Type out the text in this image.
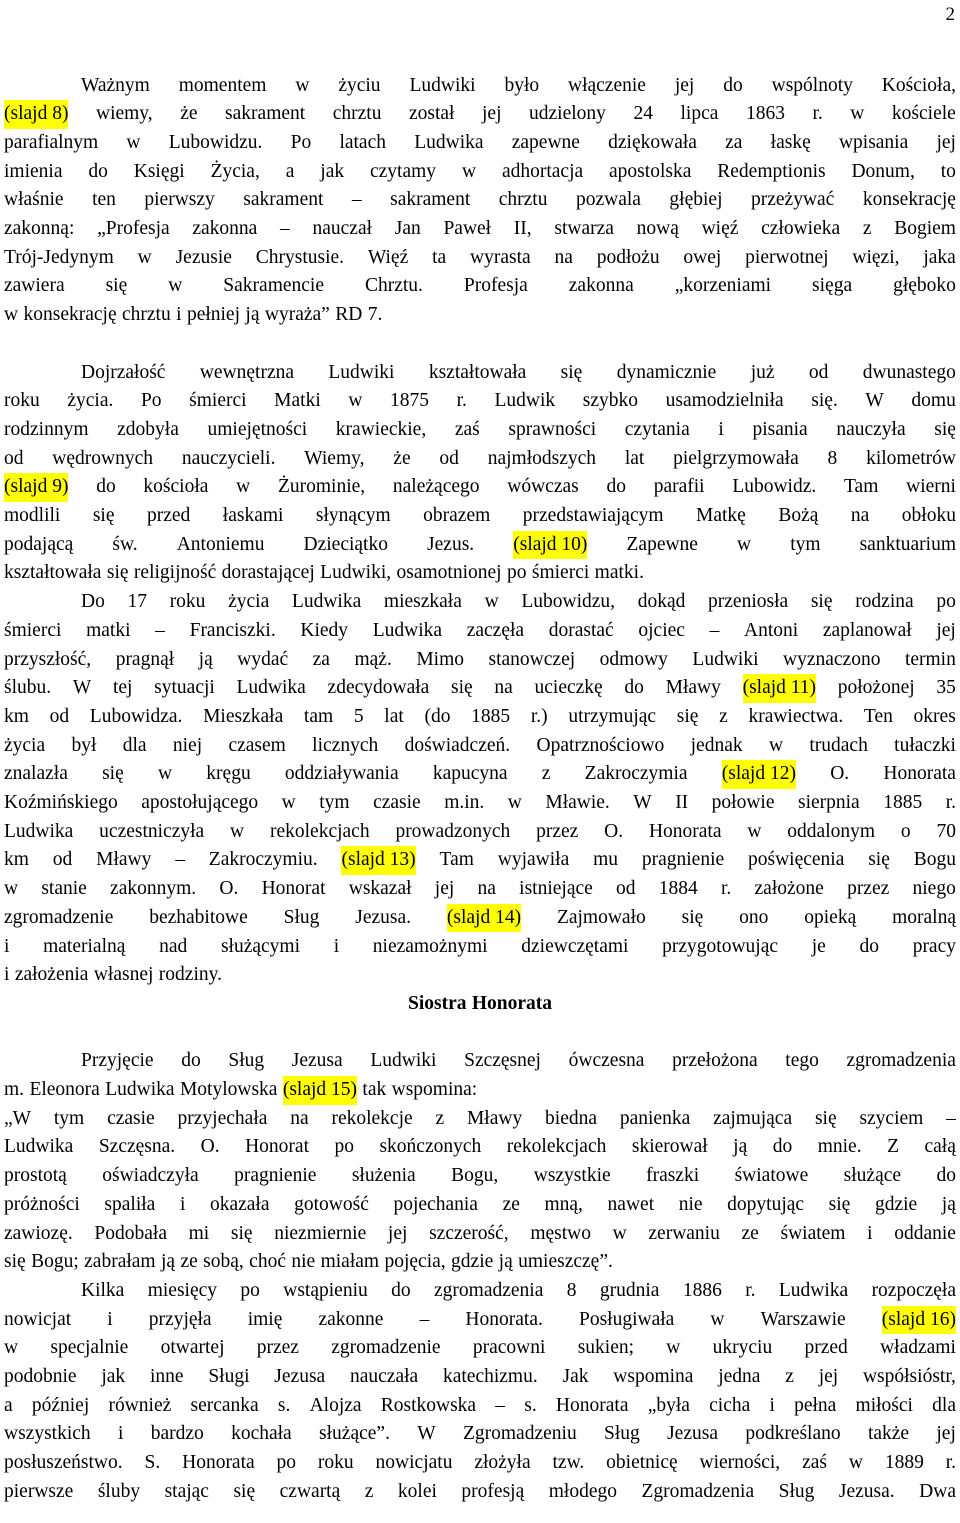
2
Ważnym momentem w życiu Ludwiki było włączenie jej do wspólnoty Kościoła,
(slajd 8) wiemy, że sakrament chrztu został jej udzielony 24 lipca 1863 r. w kościele
parafialnym w Lubowidzu. Po latach Ludwika zapewne dziękowała za łaskę wpisania jej
imienia do Księgi Życia, a jak czytamy w adhortacja apostolska Redemptionis Donum, to
właśnie ten pierwszy sakrament – sakrament chrztu pozwala głębiej przeżywać konsekrację
zakonną: „Profesja zakonna – nauczał Jan Paweł II, stwarza nową więź człowieka z Bogiem
Trój-Jedynym w Jezusie Chrystusie. Więź ta wyrasta na podłożu owej pierwotnej więzi, jaka
zawiera się w Sakramencie Chrztu. Profesja zakonna „korzeniami sięga głęboko
w konsekrację chrztu i pełniej ją wyraża” RD 7.
Dojrzałość wewnętrzna Ludwiki kształtowała się dynamicznie już od dwunastego
roku życia. Po śmierci Matki w 1875 r. Ludwik szybko usamodzielniła się. W domu
rodzinnym zdobyła umiejętności krawieckie, zaś sprawności czytania i pisania nauczyła się
od wędrownych nauczycieli. Wiemy, że od najmłodszych lat pielgrzymowała 8 kilometrów
(slajd 9) do kościoła w Żurominie, należącego wówczas do parafii Lubowidz. Tam wierni
modlili się przed łaskami słynącym obrazem przedstawiającym Matkę Bożą na obłoku
podającą św. Antoniemu Dzieciątko Jezus. (slajd 10) Zapewne w tym sanktuarium
kształtowała się religijność dorastającej Ludwiki, osamotnionej po śmierci matki.
Do 17 roku życia Ludwika mieszkała w Lubowidzu, dokąd przeniosła się rodzina po
śmierci matki – Franciszki. Kiedy Ludwika zaczęła dorastać ojciec – Antoni zaplanował jej
przyszłość, pragnął ją wydać za mąż. Mimo stanowczej odmowy Ludwiki wyznaczono termin
ślubu. W tej sytuacji Ludwika zdecydowała się na ucieczkę do Mławy (slajd 11) położonej 35
km od Lubowidza. Mieszkała tam 5 lat (do 1885 r.) utrzymując się z krawiectwa. Ten okres
życia był dla niej czasem licznych doświadczeń. Opatrznościowo jednak w trudach tułaczki
znalazła się w kręgu oddziaływania kapucyna z Zakroczymia (slajd 12) O. Honorata
Koźmińskiego apostołującego w tym czasie m.in. w Mławie. W II połowie sierpnia 1885 r.
Ludwika uczestniczyła w rekolekcjach prowadzonych przez O. Honorata w oddalonym o 70
km od Mławy – Zakroczymiu. (slajd 13) Tam wyjawiła mu pragnienie poświęcenia się Bogu
w stanie zakonnym. O. Honorat wskazał jej na istniejące od 1884 r. założone przez niego
zgromadzenie bezhabitowe Sług Jezusa. (slajd 14) Zajmowało się ono opieką moralną
i materialną nad służącymi i niezamożnymi dziewczętami przygotowując je do pracy
i założenia własnej rodziny.
Siostra Honorata
Przyjęcie do Sług Jezusa Ludwiki Szczęsnej ówczesna przełożona tego zgromadzenia
m. Eleonora Ludwika Motylowska (slajd 15) tak wspomina:
„W tym czasie przyjechała na rekolekcje z Mławy biedna panienka zajmująca się szyciem –
Ludwika Szczęsna. O. Honorat po skończonych rekolekcjach skierował ją do mnie. Z całą
prostotą oświadczyła pragnienie służenia Bogu, wszystkie fraszki światowe służące do
próżności spaliła i okazała gotowość pojechania ze mną, nawet nie dopytując się gdzie ją
zawiozę. Podobała mi się niezmiernie jej szczerość, męstwo w zerwaniu ze światem i oddanie
się Bogu; zabrałam ją ze sobą, choć nie miałam pojęcia, gdzie ją umieszczę”.
Kilka miesięcy po wstąpieniu do zgromadzenia 8 grudnia 1886 r. Ludwika rozpoczęła
nowicjat i przyjęła imię zakonne – Honorata. Posługiwała w Warszawie (slajd 16)
w specjalnie otwartej przez zgromadzenie pracowni sukien; w ukryciu przed władzami
podobnie jak inne Sługi Jezusa nauczała katechizmu. Jak wspomina jedna z jej współsióstr,
a później również sercanka s. Alojza Rostkowska – s. Honorata „była cicha i pełna miłości dla
wszystkich i bardzo kochała służące”. W Zgromadzeniu Sług Jezusa podkreślano także jej
posłuszeństwo. S. Honorata po roku nowicjatu złożyła tzw. obietnicę wierności, zaś w 1889 r.
pierwsze śluby stając się czwartą z kolei profesją młodego Zgromadzenia Sług Jezusa. Dwa
